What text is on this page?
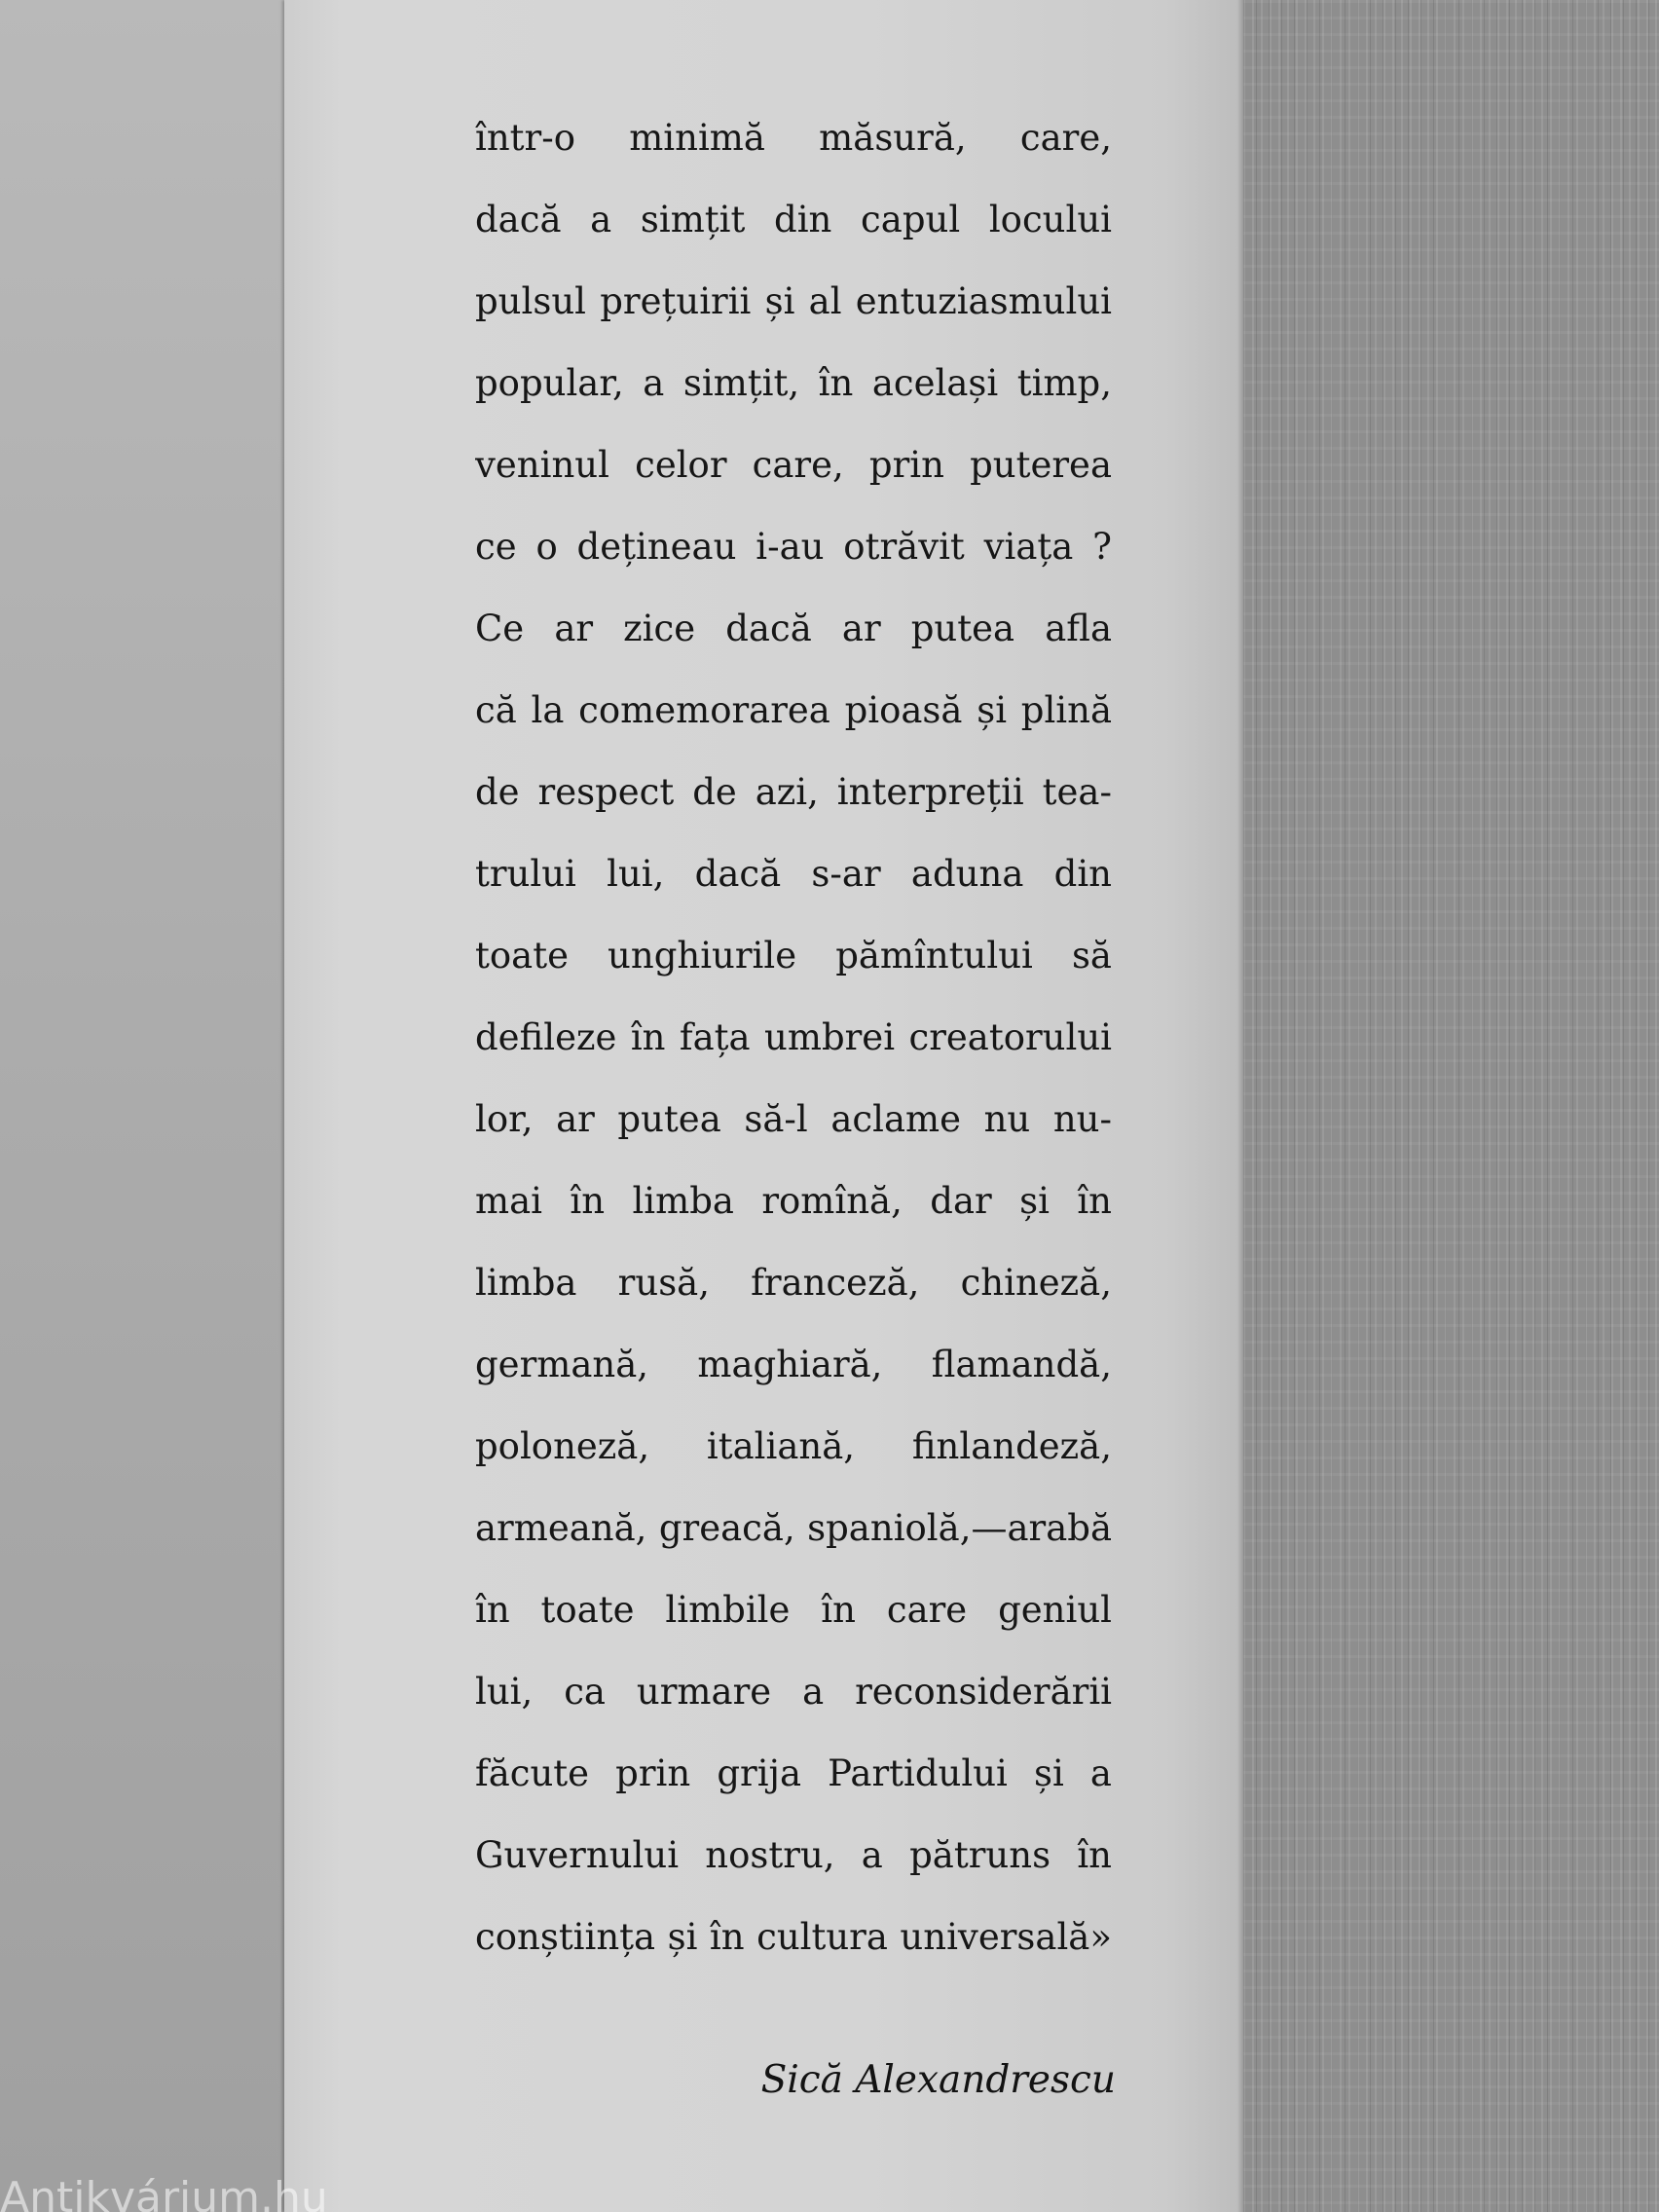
într-o minimă măsură, care,
dacă a simțit din capul locului
pulsul prețuirii și al entuziasmului
popular, a simțit, în același timp,
veninul celor care, prin puterea
ce o dețineau i-au otrăvit viața ?
Ce ar zice dacă ar putea afla
că la comemorarea pioasă și plină
de respect de azi, interpreții tea-
trului lui, dacă s-ar aduna din
toate unghiurile pămîntului să
defileze în fața umbrei creatorului
lor, ar putea să-l aclame nu nu-
mai în limba romînă, dar și în
limba rusă, franceză, chineză,
germană, maghiară, flamandă,
poloneză, italiană, finlandeză,
armeană, greacă, spaniolă,—arabă
în toate limbile în care geniul
lui, ca urmare a reconsiderării
făcute prin grija Partidului și a
Guvernului nostru, a pătruns în
conștiința și în cultura universală»
Sică Alexandrescu
Antikvárium.hu
